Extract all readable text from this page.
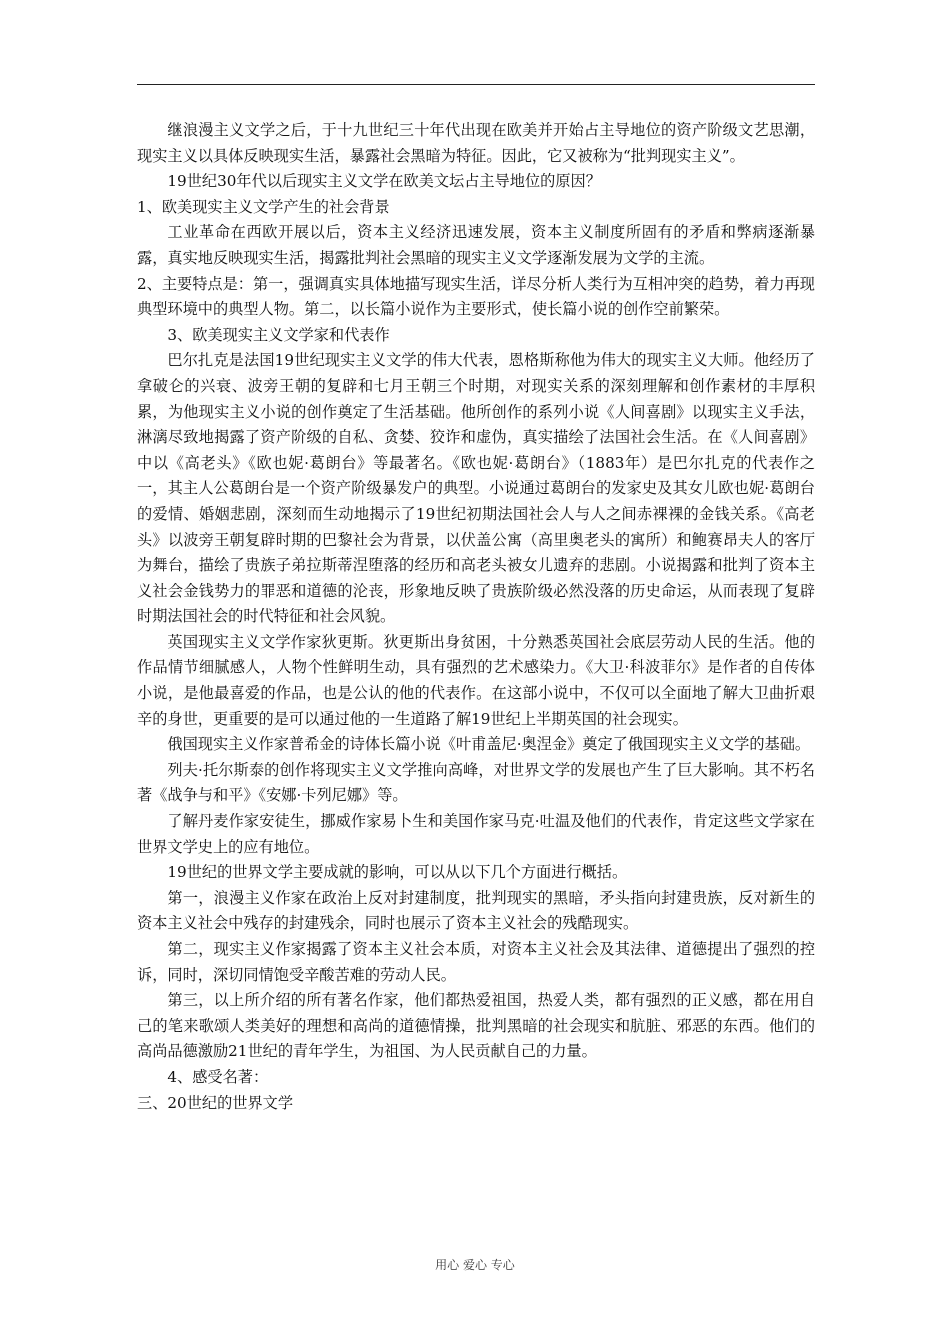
继浪漫主义文学之后，于十九世纪三十年代出现在欧美并开始占主导地位的资产阶级文艺思潮，现实主义以具体反映现实生活，暴露社会黑暗为特征。因此，它又被称为“批判现实主义”。

19世纪30年代以后现实主义文学在欧美文坛占主导地位的原因？

1、欧美现实主义文学产生的社会背景

工业革命在西欧开展以后，资本主义经济迅速发展，资本主义制度所固有的矛盾和弊病逐渐暴露，真实地反映现实生活，揭露批判社会黑暗的现实主义文学逐渐发展为文学的主流。

2、主要特点是：第一，强调真实具体地描写现实生活，详尽分析人类行为互相冲突的趋势，着力再现典型环境中的典型人物。第二，以长篇小说作为主要形式，使长篇小说的创作空前繁荣。

3、欧美现实主义文学家和代表作

巴尔扎克是法国19世纪现实主义文学的伟大代表，恩格斯称他为伟大的现实主义大师。他经历了拿破仑的兴衰、波旁王朝的复辟和七月王朝三个时期，对现实关系的深刻理解和创作素材的丰厚积累，为他现实主义小说的创作奠定了生活基础。他所创作的系列小说《人间喜剧》以现实主义手法，淋漓尽致地揭露了资产阶级的自私、贪婪、狡诈和虚伪，真实描绘了法国社会生活。在《人间喜剧》中以《高老头》《欧也妮·葛朗台》等最著名。《欧也妮·葛朗台》（1883年）是巴尔扎克的代表作之一，其主人公葛朗台是一个资产阶级暴发户的典型。小说通过葛朗台的发家史及其女儿欧也妮·葛朗台的爱情、婚姻悲剧，深刻而生动地揭示了19世纪初期法国社会人与人之间赤裸裸的金钱关系。《高老头》以波旁王朝复辟时期的巴黎社会为背景，以伏盖公寓（高里奥老头的寓所）和鲍赛昂夫人的客厅为舞台，描绘了贵族子弟拉斯蒂涅堕落的经历和高老头被女儿遗弃的悲剧。小说揭露和批判了资本主义社会金钱势力的罪恶和道德的沦丧，形象地反映了贵族阶级必然没落的历史命运，从而表现了复辟时期法国社会的时代特征和社会风貌。

英国现实主义文学作家狄更斯。狄更斯出身贫困，十分熟悉英国社会底层劳动人民的生活。他的作品情节细腻感人，人物个性鲜明生动，具有强烈的艺术感染力。《大卫·科波菲尔》是作者的自传体小说，是他最喜爱的作品，也是公认的他的代表作。在这部小说中，不仅可以全面地了解大卫曲折艰辛的身世，更重要的是可以通过他的一生道路了解19世纪上半期英国的社会现实。

俄国现实主义作家普希金的诗体长篇小说《叶甫盖尼·奥涅金》奠定了俄国现实主义文学的基础。

列夫·托尔斯泰的创作将现实主义文学推向高峰，对世界文学的发展也产生了巨大影响。其不朽名著《战争与和平》《安娜·卡列尼娜》等。

了解丹麦作家安徒生，挪威作家易卜生和美国作家马克·吐温及他们的代表作，肯定这些文学家在世界文学史上的应有地位。

19世纪的世界文学主要成就的影响，可以从以下几个方面进行概括。

第一，浪漫主义作家在政治上反对封建制度，批判现实的黑暗，矛头指向封建贵族，反对新生的资本主义社会中残存的封建残余，同时也展示了资本主义社会的残酷现实。

第二，现实主义作家揭露了资本主义社会本质，对资本主义社会及其法律、道德提出了强烈的控诉，同时，深切同情饱受辛酸苦难的劳动人民。

第三，以上所介绍的所有著名作家，他们都热爱祖国，热爱人类，都有强烈的正义感，都在用自己的笔来歌颂人类美好的理想和高尚的道德情操，批判黑暗的社会现实和肮脏、邪恶的东西。他们的高尚品德激励21世纪的青年学生，为祖国、为人民贡献自己的力量。

4、感受名著：

三、20世纪的世界文学

用心 爱心 专心
